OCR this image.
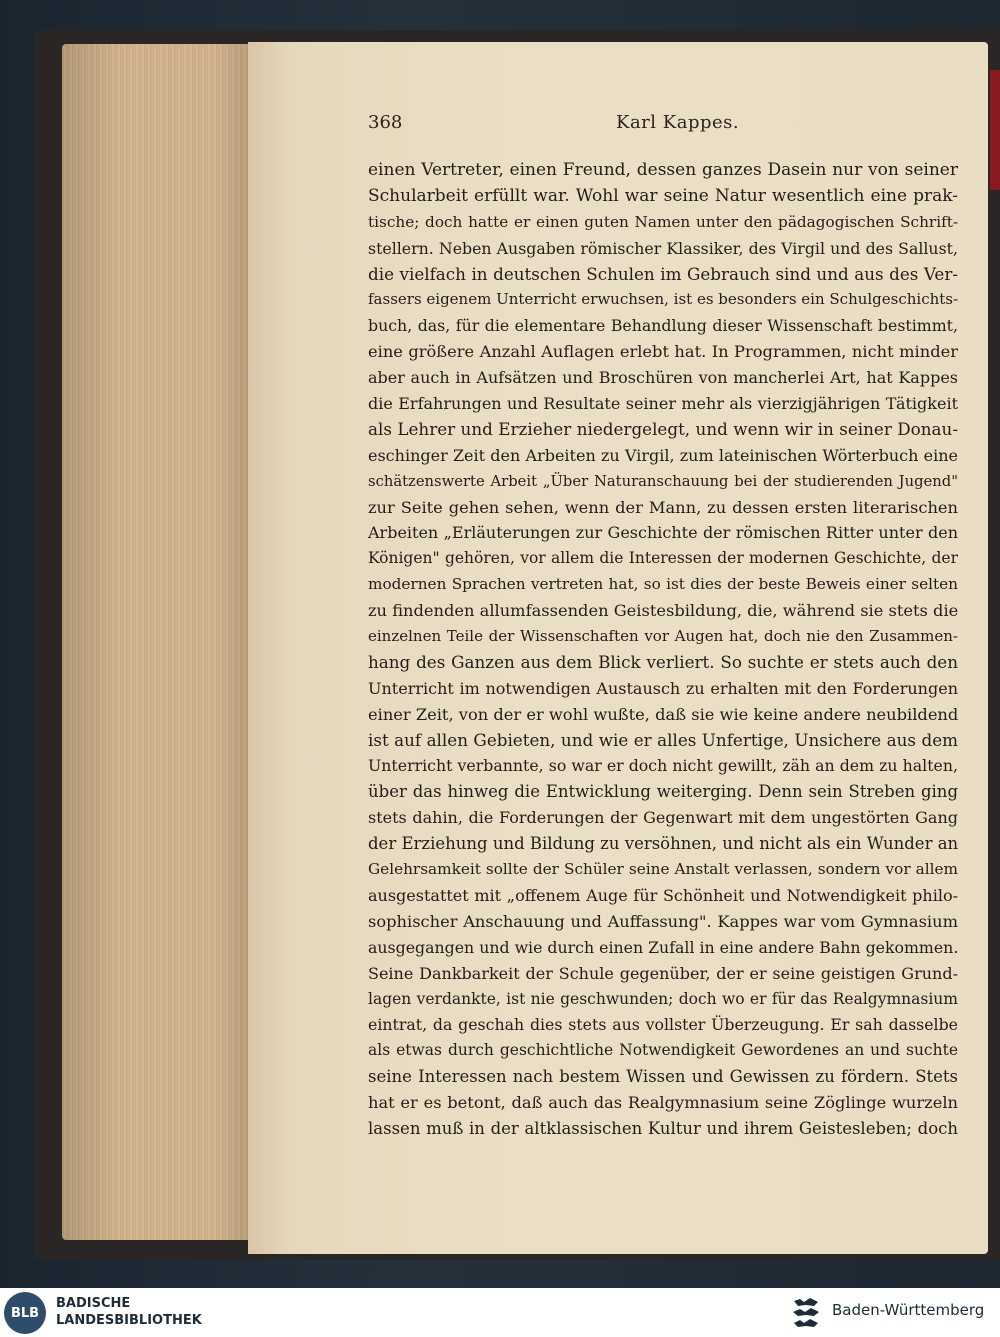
368	Karl Kappes.
einen Vertreter, einen Freund, dessen ganzes Dasein nur von seiner
Schularbeit erfüllt war. Wohl war seine Natur wesentlich eine prak-
tische; doch hatte er einen guten Namen unter den pädagogischen Schrift-
stellern. Neben Ausgaben römischer Klassiker, des Virgil und des Sallust,
die vielfach in deutschen Schulen im Gebrauch sind und aus des Ver-
fassers eigenem Unterricht erwuchsen, ist es besonders ein Schulgeschichts-
buch, das, für die elementare Behandlung dieser Wissenschaft bestimmt,
eine größere Anzahl Auflagen erlebt hat. In Programmen, nicht minder
aber auch in Aufsätzen und Broschüren von mancherlei Art, hat Kappes
die Erfahrungen und Resultate seiner mehr als vierzigjährigen Tätigkeit
als Lehrer und Erzieher niedergelegt, und wenn wir in seiner Donau-
eschinger Zeit den Arbeiten zu Virgil, zum lateinischen Wörterbuch eine
schätzenswerte Arbeit „Über Naturanschauung bei der studierenden Jugend"
zur Seite gehen sehen, wenn der Mann, zu dessen ersten literarischen
Arbeiten „Erläuterungen zur Geschichte der römischen Ritter unter den
Königen" gehören, vor allem die Interessen der modernen Geschichte, der
modernen Sprachen vertreten hat, so ist dies der beste Beweis einer selten
zu findenden allumfassenden Geistesbildung, die, während sie stets die
einzelnen Teile der Wissenschaften vor Augen hat, doch nie den Zusammen-
hang des Ganzen aus dem Blick verliert. So suchte er stets auch den
Unterricht im notwendigen Austausch zu erhalten mit den Forderungen
einer Zeit, von der er wohl wußte, daß sie wie keine andere neubildend
ist auf allen Gebieten, und wie er alles Unfertige, Unsichere aus dem
Unterricht verbannte, so war er doch nicht gewillt, zäh an dem zu halten,
über das hinweg die Entwicklung weiterging. Denn sein Streben ging
stets dahin, die Forderungen der Gegenwart mit dem ungestörten Gang
der Erziehung und Bildung zu versöhnen, und nicht als ein Wunder an
Gelehrsamkeit sollte der Schüler seine Anstalt verlassen, sondern vor allem
ausgestattet mit „offenem Auge für Schönheit und Notwendigkeit philo-
sophischer Anschauung und Auffassung". Kappes war vom Gymnasium
ausgegangen und wie durch einen Zufall in eine andere Bahn gekommen.
Seine Dankbarkeit der Schule gegenüber, der er seine geistigen Grund-
lagen verdankte, ist nie geschwunden; doch wo er für das Realgymnasium
eintrat, da geschah dies stets aus vollster Überzeugung. Er sah dasselbe
als etwas durch geschichtliche Notwendigkeit Gewordenes an und suchte
seine Interessen nach bestem Wissen und Gewissen zu fördern. Stets
hat er es betont, daß auch das Realgymnasium seine Zöglinge wurzeln
lassen muß in der altklassischen Kultur und ihrem Geistesleben; doch
BLB
BADISCHE
LANDESBIBLIOTHEK
Baden-Württemberg
